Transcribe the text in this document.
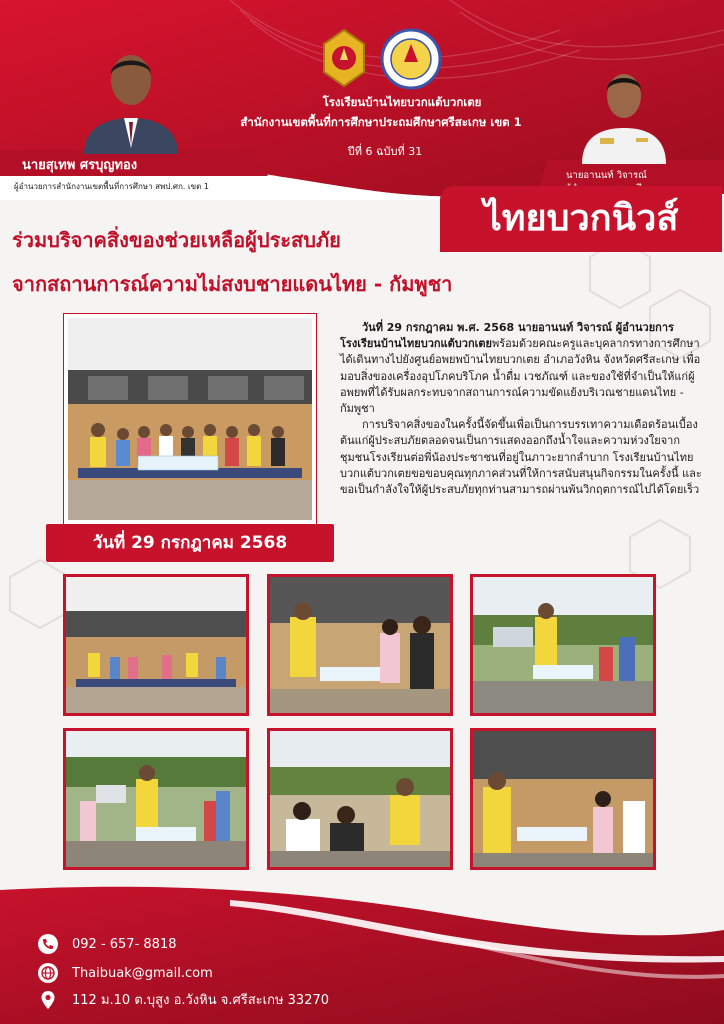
โรงเรียนบ้านไทยบวกแต้บวกเตย
สำนักงานเขตพื้นที่การศึกษาประถมศึกษาศรีสะเกษ เขต 1
ปีที่ 6 ฉบับที่ 31
นายสุเทพ ศรบุญทอง
ผู้อำนวยการสำนักงานเขตพื้นที่การศึกษา สพป.ศก. เขต 1
นายอานนท์ วิจารณ์
ไทยบวกนิวส์
ร่วมบริจาคสิ่งของช่วยเหลือผู้ประสบภัย
จากสถานการณ์ความไม่สงบชายแดนไทย - กัมพูชา
วันที่ 29 กรกฎาคม 2568

วันที่ 29 กรกฎาคม พ.ศ. 2568 นายอานนท์ วิจารณ์ ผู้อำนวยการโรงเรียนบ้านไทยบวกแต้บวกเตยพร้อมด้วยคณะครูและบุคลากรทางการศึกษา ได้เดินทางไปยังศูนย์อพยพบ้านไทยบวกเตย อำเภอวังหิน จังหวัดศรีสะเกษ เพื่อมอบสิ่งของเครื่องอุปโภคบริโภค น้ำดื่ม เวชภัณฑ์ และของใช้ที่จำเป็นให้แก่ผู้อพยพที่ได้รับผลกระทบจากสถานการณ์ความขัดแย้งบริเวณชายแดนไทย - กัมพูชา

การบริจาคสิ่งของในครั้งนี้จัดขึ้นเพื่อเป็นการบรรเทาความเดือดร้อนเบื้องต้นแก่ผู้ประสบภัยตลอดจนเป็นการแสดงออกถึงน้ำใจและความห่วงใยจากชุมชนโรงเรียนต่อพี่น้องประชาชนที่อยู่ในภาวะยากลำบาก โรงเรียนบ้านไทยบวกแต้บวกเตยขอขอบคุณทุกภาคส่วนที่ให้การสนับสนุนกิจกรรมในครั้งนี้ และขอเป็นกำลังใจให้ผู้ประสบภัยทุกท่านสามารถผ่านพ้นวิกฤตการณ์ไปได้โดยเร็ว

092 - 657- 8818
Thaibuak@gmail.com
112 ม.10 ต.บุสูง อ.วังหิน จ.ศรีสะเกษ 33270
